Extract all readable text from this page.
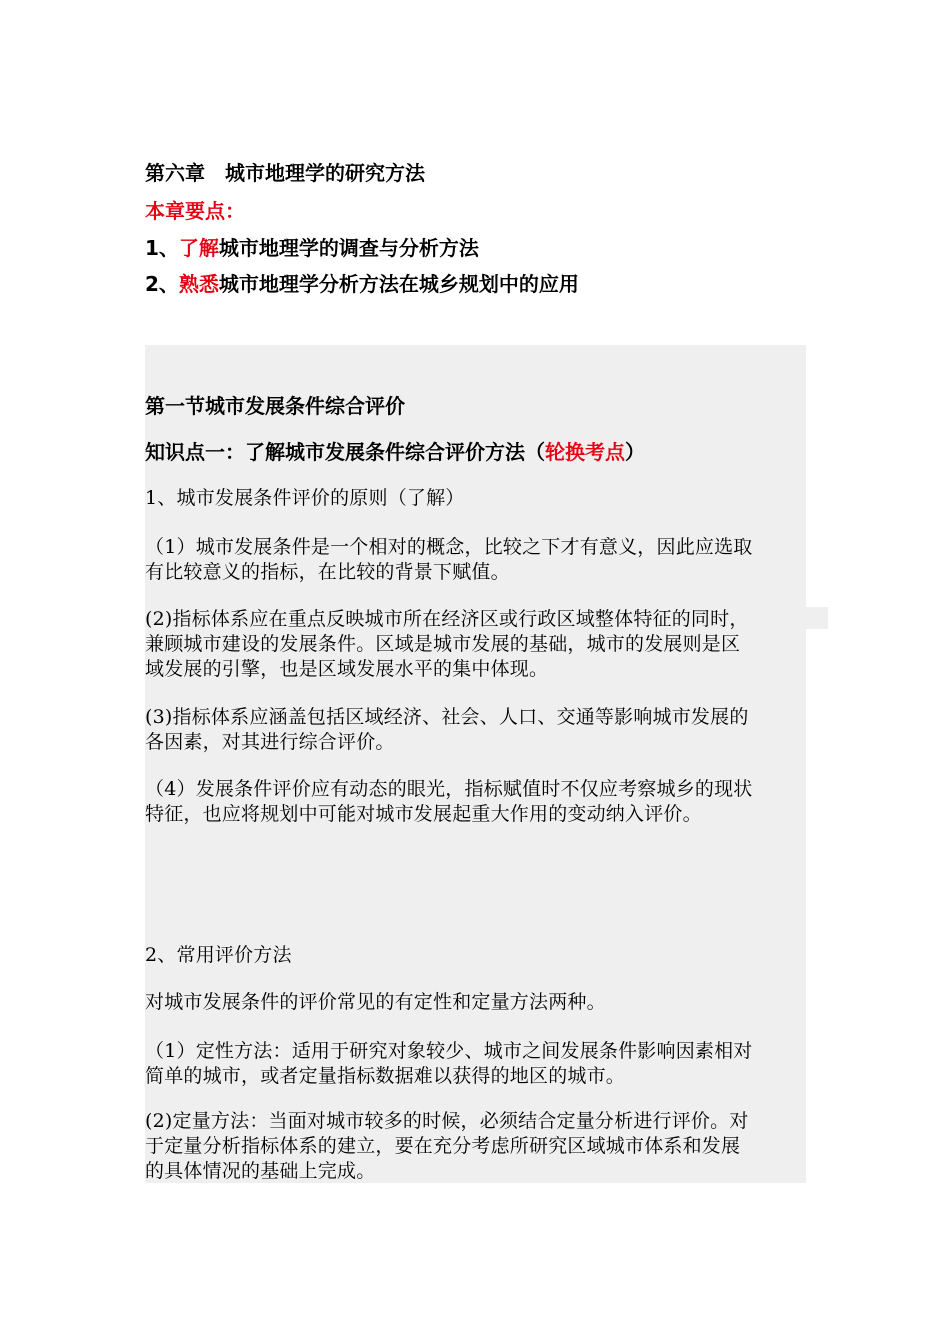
第六章　城市地理学的研究方法
本章要点：
1、了解城市地理学的调查与分析方法
2、熟悉城市地理学分析方法在城乡规划中的应用
第一节城市发展条件综合评价
知识点一：了解城市发展条件综合评价方法（轮换考点）
1、城市发展条件评价的原则（了解）
（1）城市发展条件是一个相对的概念，比较之下才有意义，因此应选取
有比较意义的指标，在比较的背景下赋值。
(2)指标体系应在重点反映城市所在经济区或行政区域整体特征的同时，
兼顾城市建设的发展条件。区域是城市发展的基础，城市的发展则是区
域发展的引擎，也是区域发展水平的集中体现。
(3)指标体系应涵盖包括区域经济、社会、人口、交通等影响城市发展的
各因素，对其进行综合评价。
（4）发展条件评价应有动态的眼光，指标赋值时不仅应考察城乡的现状
特征，也应将规划中可能对城市发展起重大作用的变动纳入评价。
2、常用评价方法
对城市发展条件的评价常见的有定性和定量方法两种。
（1）定性方法：适用于研究对象较少、城市之间发展条件影响因素相对
简单的城市，或者定量指标数据难以获得的地区的城市。
(2)定量方法：当面对城市较多的时候，必须结合定量分析进行评价。对
于定量分析指标体系的建立，要在充分考虑所研究区域城市体系和发展
的具体情况的基础上完成。
